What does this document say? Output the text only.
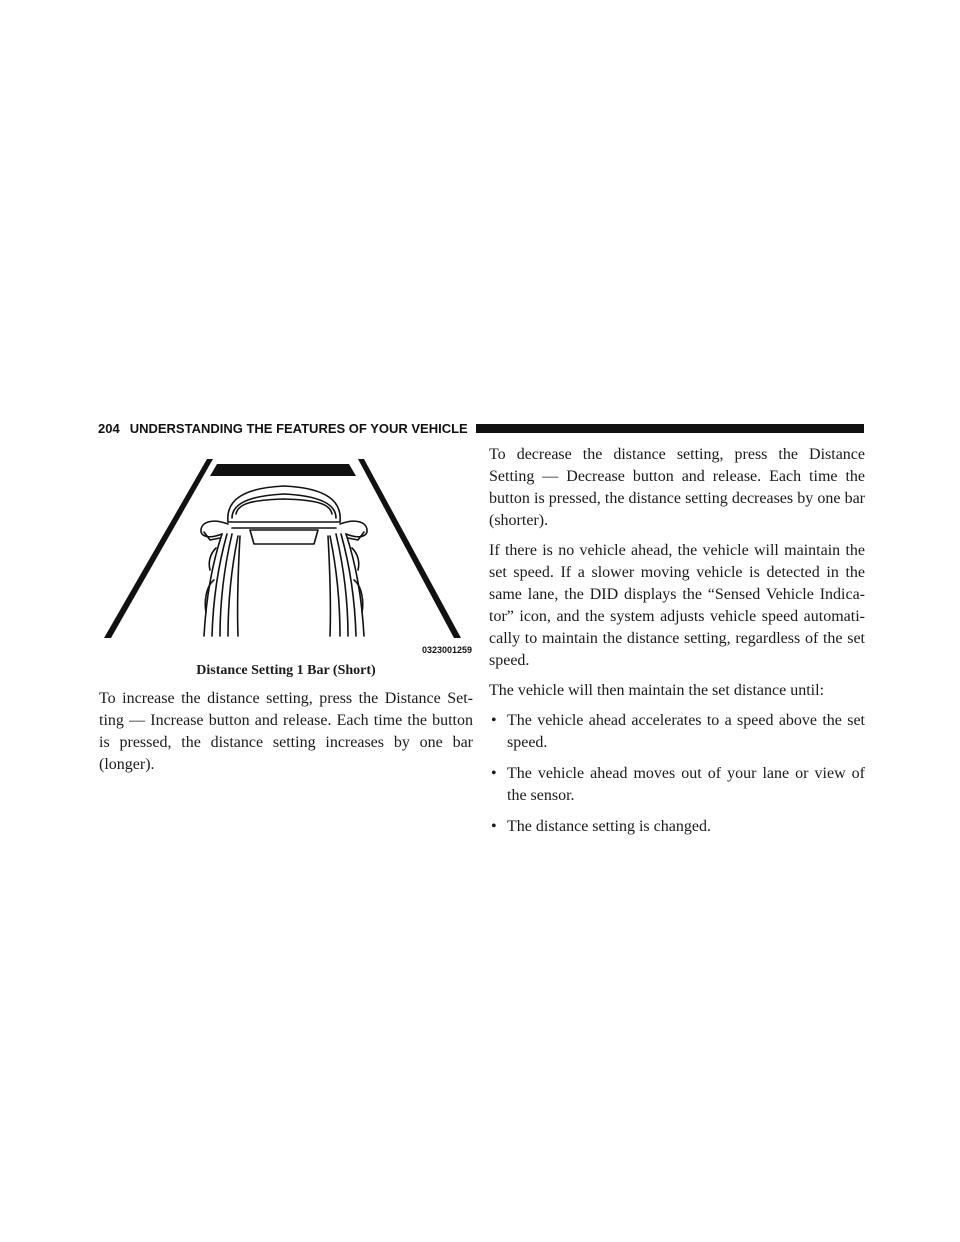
204 UNDERSTANDING THE FEATURES OF YOUR VEHICLE
0323001259
Distance Setting 1 Bar (Short)

To increase the distance setting, press the Distance Set- ting — Increase button and release. Each time the button is pressed, the distance setting increases by one bar (longer).

To decrease the distance setting, press the Distance Setting — Decrease button and release. Each time the button is pressed, the distance setting decreases by one bar (shorter).

If there is no vehicle ahead, the vehicle will maintain the set speed. If a slower moving vehicle is detected in the same lane, the DID displays the “Sensed Vehicle Indica- tor” icon, and the system adjusts vehicle speed automati- cally to maintain the distance setting, regardless of the set speed.

The vehicle will then maintain the set distance until:

• The vehicle ahead accelerates to a speed above the set speed.
• The vehicle ahead moves out of your lane or view of the sensor.
• The distance setting is changed.
